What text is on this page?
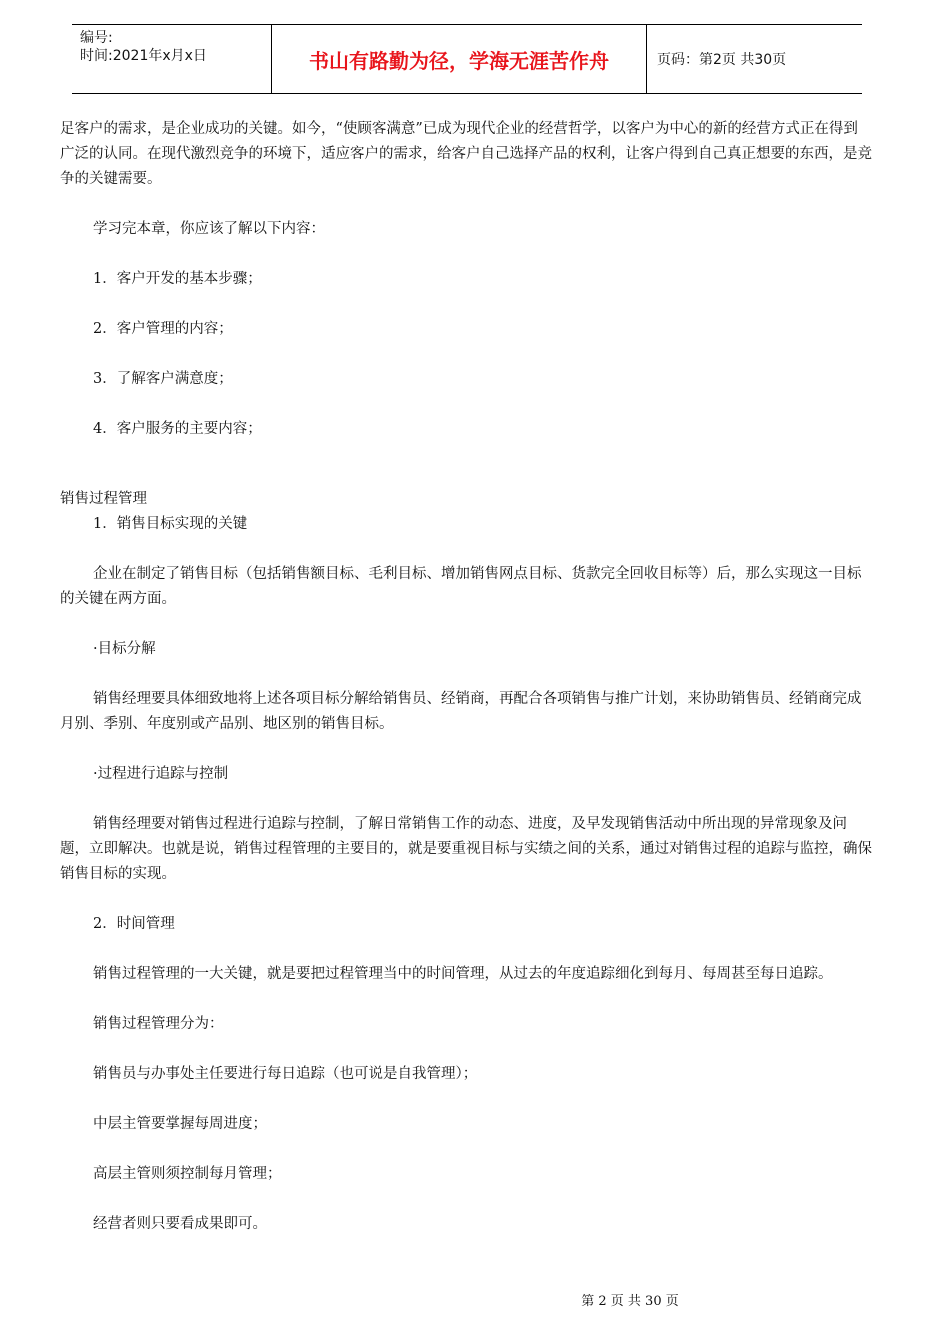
编号:
时间:2021年x月x日	书山有路勤为径，学海无涯苦作舟	页码：第2页 共30页

足客户的需求，是企业成功的关键。如今，“使顾客满意”已成为现代企业的经营哲学，以客户为中心的新的经营方式正在得到广泛的认同。在现代激烈竞争的环境下，适应客户的需求，给客户自己选择产品的权利，让客户得到自己真正想要的东西，是竞争的关键需要。

学习完本章，你应该了解以下内容：

1．客户开发的基本步骤；

2．客户管理的内容；

3．了解客户满意度；

4．客户服务的主要内容；

销售过程管理

1．销售目标实现的关键

企业在制定了销售目标（包括销售额目标、毛利目标、增加销售网点目标、货款完全回收目标等）后，那么实现这一目标的关键在两方面。

·目标分解

销售经理要具体细致地将上述各项目标分解给销售员、经销商，再配合各项销售与推广计划，来协助销售员、经销商完成月别、季别、年度别或产品别、地区别的销售目标。

·过程进行追踪与控制

销售经理要对销售过程进行追踪与控制，了解日常销售工作的动态、进度，及早发现销售活动中所出现的异常现象及问题，立即解决。也就是说，销售过程管理的主要目的，就是要重视目标与实绩之间的关系，通过对销售过程的追踪与监控，确保销售目标的实现。

2．时间管理

销售过程管理的一大关键，就是要把过程管理当中的时间管理，从过去的年度追踪细化到每月、每周甚至每日追踪。

销售过程管理分为：

销售员与办事处主任要进行每日追踪（也可说是自我管理）；

中层主管要掌握每周进度；

高层主管则须控制每月管理；

经营者则只要看成果即可。

第 2 页 共 30 页
